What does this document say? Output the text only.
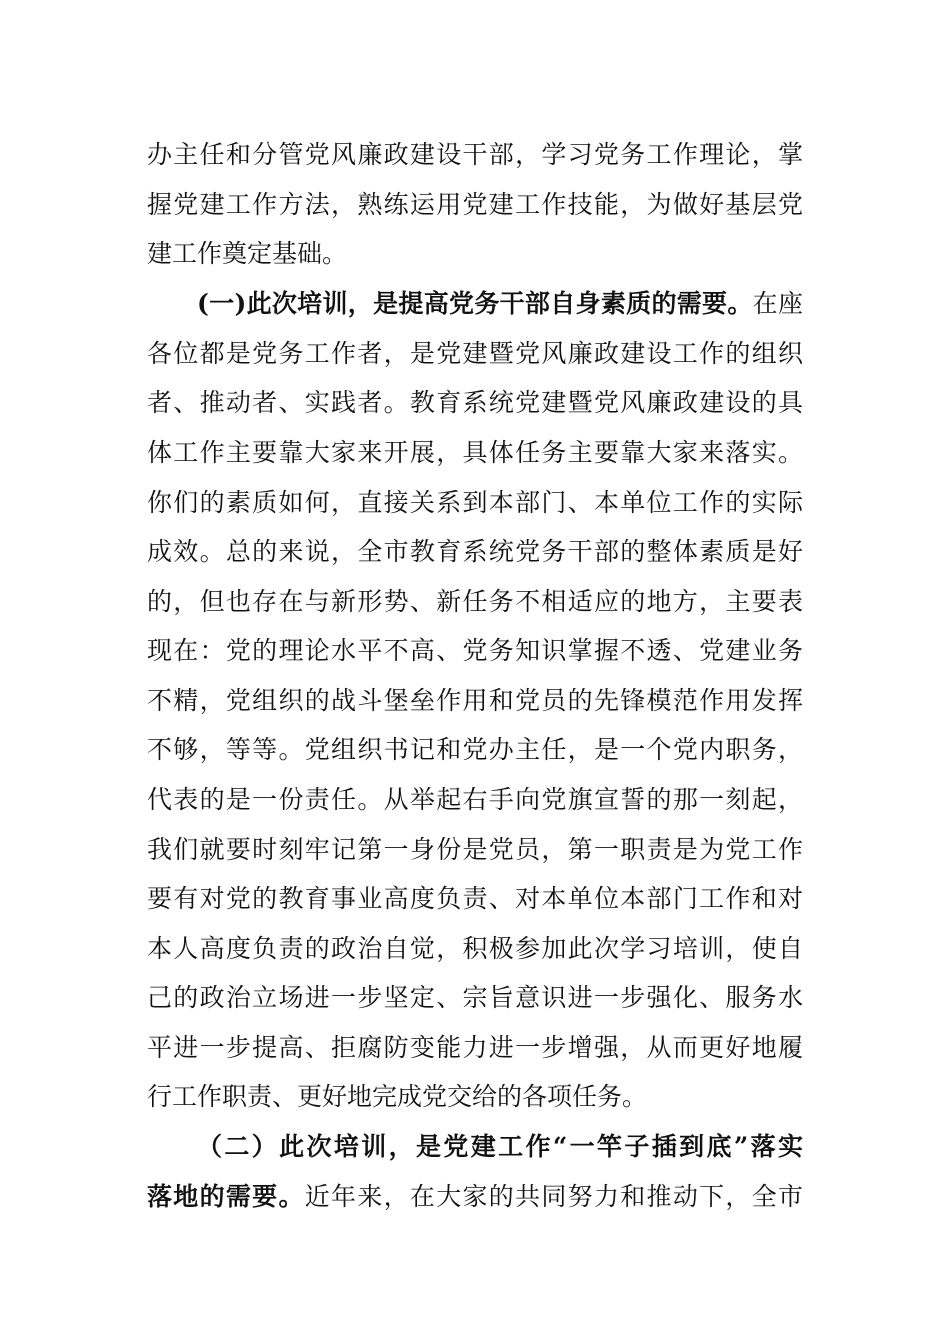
办主任和分管党风廉政建设干部，学习党务工作理论，掌
握党建工作方法，熟练运用党建工作技能，为做好基层党
建工作奠定基础。
(一)此次培训，是提高党务干部自身素质的需要。在座
各位都是党务工作者，是党建暨党风廉政建设工作的组织
者、推动者、实践者。教育系统党建暨党风廉政建设的具
体工作主要靠大家来开展，具体任务主要靠大家来落实。
你们的素质如何，直接关系到本部门、本单位工作的实际
成效。总的来说，全市教育系统党务干部的整体素质是好
的，但也存在与新形势、新任务不相适应的地方，主要表
现在：党的理论水平不高、党务知识掌握不透、党建业务
不精，党组织的战斗堡垒作用和党员的先锋模范作用发挥
不够，等等。党组织书记和党办主任，是一个党内职务，
代表的是一份责任。从举起右手向党旗宣誓的那一刻起，
我们就要时刻牢记第一身份是党员，第一职责是为党工作
要有对党的教育事业高度负责、对本单位本部门工作和对
本人高度负责的政治自觉，积极参加此次学习培训，使自
己的政治立场进一步坚定、宗旨意识进一步强化、服务水
平进一步提高、拒腐防变能力进一步增强，从而更好地履
行工作职责、更好地完成党交给的各项任务。
（二）此次培训，是党建工作“一竿子插到底”落实
落地的需要。近年来，在大家的共同努力和推动下，全市
